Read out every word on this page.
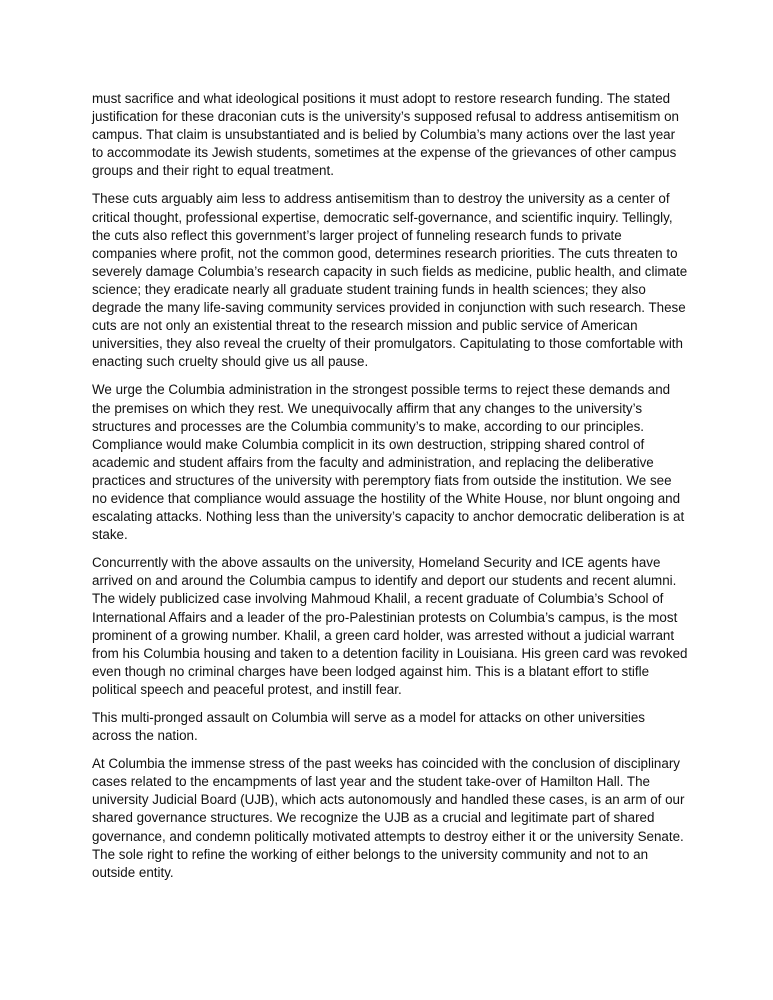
must sacrifice and what ideological positions it must adopt to restore research funding. The stated justification for these draconian cuts is the university’s supposed refusal to address antisemitism on campus. That claim is unsubstantiated and is belied by Columbia’s many actions over the last year to accommodate its Jewish students, sometimes at the expense of the grievances of other campus groups and their right to equal treatment.

These cuts arguably aim less to address antisemitism than to destroy the university as a center of critical thought, professional expertise, democratic self-governance, and scientific inquiry. Tellingly, the cuts also reflect this government’s larger project of funneling research funds to private companies where profit, not the common good, determines research priorities. The cuts threaten to severely damage Columbia’s research capacity in such fields as medicine, public health, and climate science; they eradicate nearly all graduate student training funds in health sciences; they also degrade the many life-saving community services provided in conjunction with such research. These cuts are not only an existential threat to the research mission and public service of American universities, they also reveal the cruelty of their promulgators. Capitulating to those comfortable with enacting such cruelty should give us all pause.

We urge the Columbia administration in the strongest possible terms to reject these demands and the premises on which they rest. We unequivocally affirm that any changes to the university’s structures and processes are the Columbia community’s to make, according to our principles. Compliance would make Columbia complicit in its own destruction, stripping shared control of academic and student affairs from the faculty and administration, and replacing the deliberative practices and structures of the university with peremptory fiats from outside the institution. We see no evidence that compliance would assuage the hostility of the White House, nor blunt ongoing and escalating attacks. Nothing less than the university’s capacity to anchor democratic deliberation is at stake.

Concurrently with the above assaults on the university, Homeland Security and ICE agents have arrived on and around the Columbia campus to identify and deport our students and recent alumni. The widely publicized case involving Mahmoud Khalil, a recent graduate of Columbia’s School of International Affairs and a leader of the pro-Palestinian protests on Columbia’s campus, is the most prominent of a growing number. Khalil, a green card holder, was arrested without a judicial warrant from his Columbia housing and taken to a detention facility in Louisiana. His green card was revoked even though no criminal charges have been lodged against him. This is a blatant effort to stifle political speech and peaceful protest, and instill fear.

This multi-pronged assault on Columbia will serve as a model for attacks on other universities across the nation.

At Columbia the immense stress of the past weeks has coincided with the conclusion of disciplinary cases related to the encampments of last year and the student take-over of Hamilton Hall. The university Judicial Board (UJB), which acts autonomously and handled these cases, is an arm of our shared governance structures. We recognize the UJB as a crucial and legitimate part of shared governance, and condemn politically motivated attempts to destroy either it or the university Senate. The sole right to refine the working of either belongs to the university community and not to an outside entity.
